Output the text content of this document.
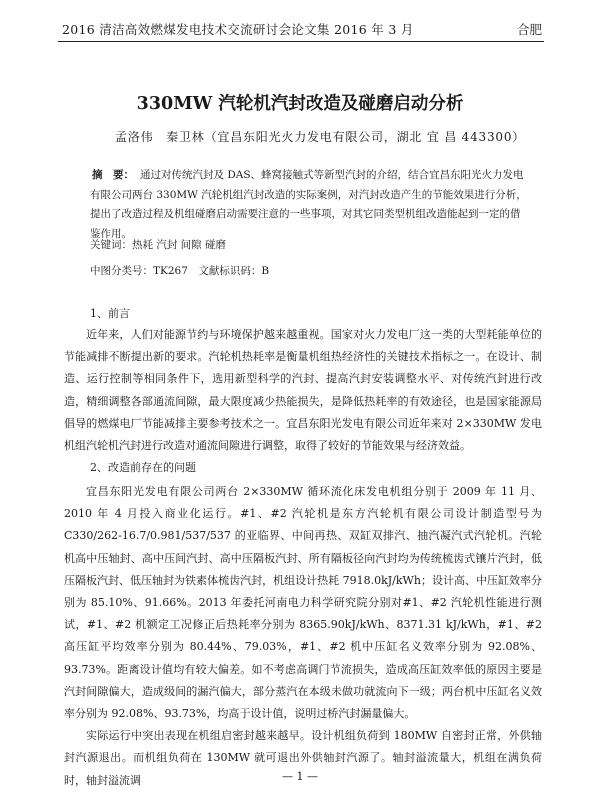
2016 清洁高效燃煤发电技术交流研讨会论文集 2016 年 3 月	合肥
330MW 汽轮机汽封改造及碰磨启动分析
孟洛伟　秦卫林（宜昌东阳光火力发电有限公司，湖北 宜 昌 443300）
摘　要： 通过对传统汽封及 DAS、蜂窝接触式等新型汽封的介绍，结合宜昌东阳光火力发电有限公司两台 330MW 汽轮机组汽封改造的实际案例，对汽封改造产生的节能效果进行分析，提出了改造过程及机组碰磨启动需要注意的一些事项，对其它同类型机组改造能起到一定的借鉴作用。
关键词：热耗 汽封 间隙 碰磨
中图分类号：TK267　文献标识码：B
1、前言

近年来，人们对能源节约与环境保护越来越重视。国家对火力发电厂这一类的大型耗能单位的节能减排不断提出新的要求。汽轮机热耗率是衡量机组热经济性的关键技术指标之一。在设计、制造、运行控制等相同条件下，选用新型科学的汽封、提高汽封安装调整水平、对传统汽封进行改造，精细调整各部通流间隙，最大限度减少热能损失，是降低热耗率的有效途径，也是国家能源局倡导的燃煤电厂节能减排主要参考技术之一。宜昌东阳光发电有限公司近年来对 2×330MW 发电机组汽轮机汽封进行改造对通流间隙进行调整，取得了较好的节能效果与经济效益。

2、改造前存在的问题

宜昌东阳光发电有限公司两台 2×330MW 循环流化床发电机组分别于 2009 年 11 月、2010 年 4 月投入商业化运行。#1、#2 汽轮机是东方汽轮机有限公司设计制造型号为 C330/262-16.7/0.981/537/537 的亚临界、中间再热、双缸双排汽、抽汽凝汽式汽轮机。汽轮机高中压轴封、高中压间汽封、高中压隔板汽封、所有隔板径向汽封均为传统梳齿式镶片汽封，低压隔板汽封、低压轴封为铁素体梳齿汽封，机组设计热耗 7918.0kJ/kWh；设计高、中压缸效率分别为 85.10%、91.66%。2013 年委托河南电力科学研究院分别对#1、#2 汽轮机性能进行测试，#1、#2 机额定工况修正后热耗率分别为 8365.90kJ/kWh、8371.31 kJ/kWh，#1、#2 高压缸平均效率分别为 80.44%、79.03%，#1、#2 机中压缸名义效率分别为 92.08%、93.73%。距离设计值均有较大偏差。如不考虑高调门节流损失，造成高压缸效率低的原因主要是汽封间隙偏大，造成级间的漏汽偏大，部分蒸汽在本级未做功就流向下一级；两台机中压缸名义效率分别为 92.08%、93.73%，均高于设计值，说明过桥汽封漏量偏大。

实际运行中突出表现在机组启密封越来越早。设计机组负荷到 180MW 自密封正常，外供轴封汽源退出。而机组负荷在 130MW 就可退出外供轴封汽源了。轴封溢流量大，机组在满负荷时，轴封溢流调	— 1 —
